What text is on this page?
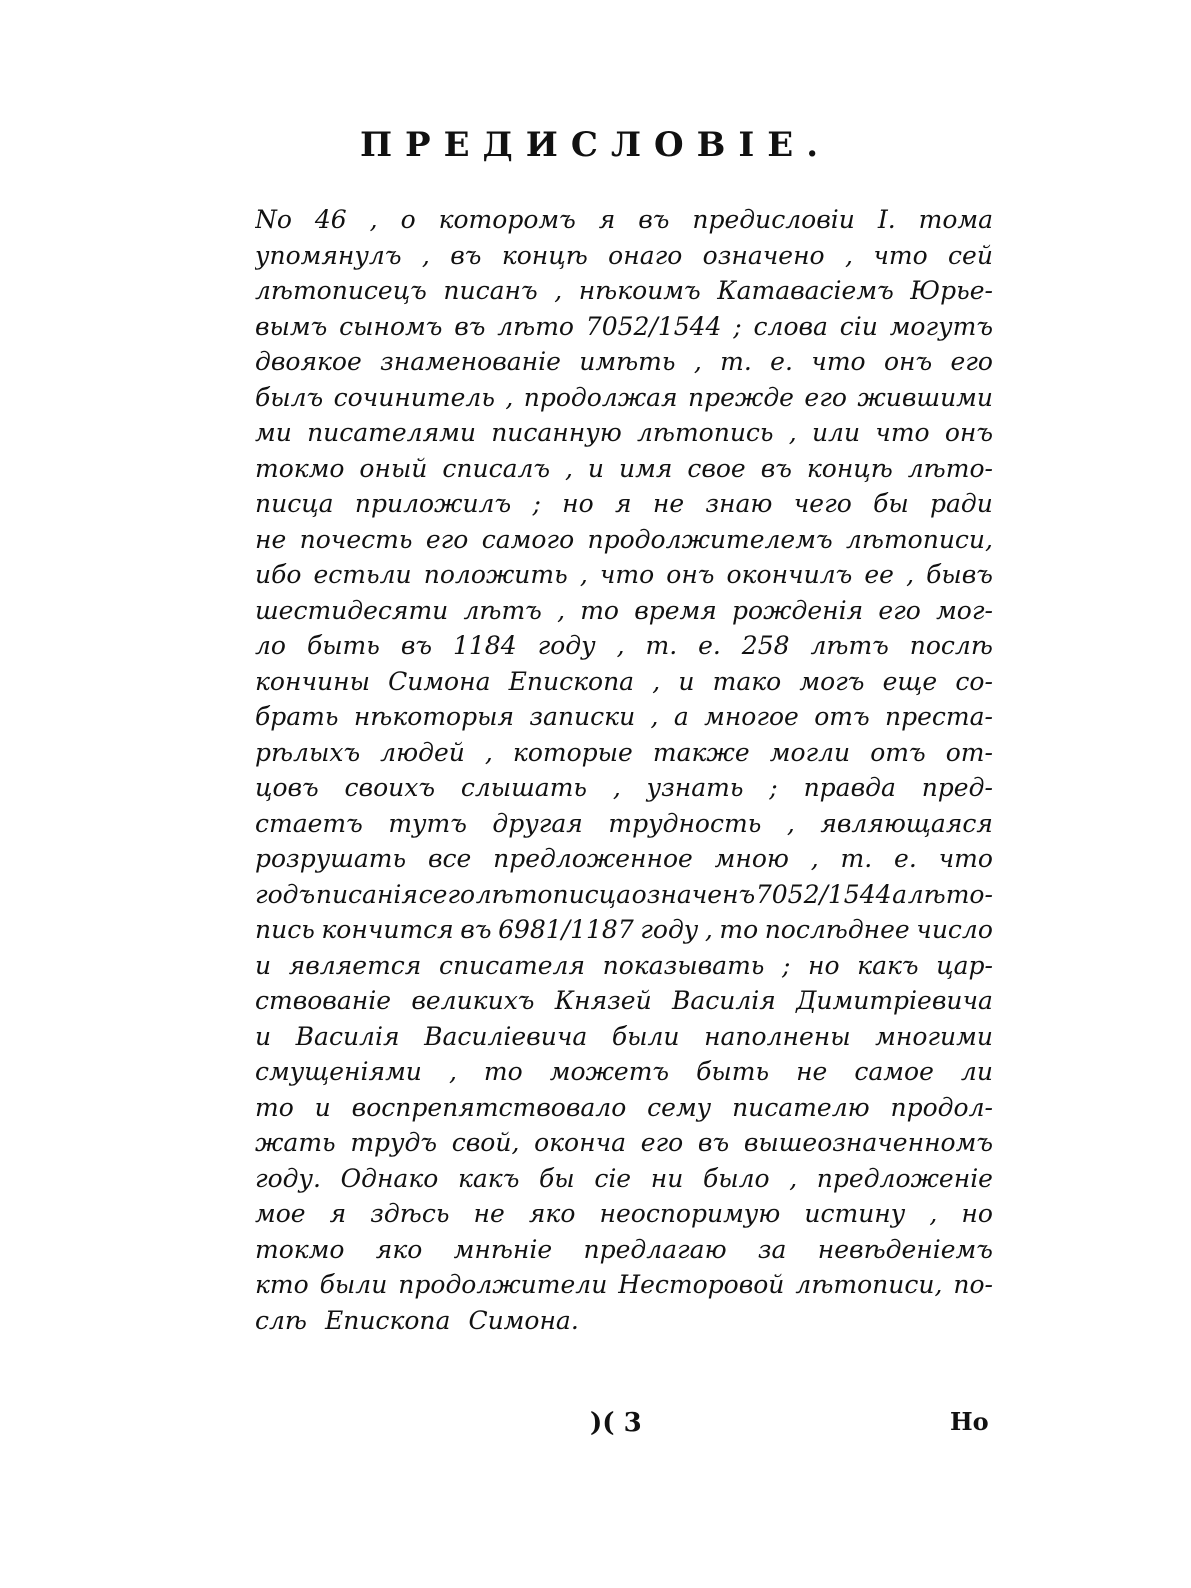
ПРЕДИСЛОВIЕ.
No 46 , о которомъ я въ предисловiи I. тома
упомянулъ , въ концѣ онаго означено , что сей
лѣтописецъ писанъ , нѣкоимъ Катавасiемъ Юрье-
вымъ сыномъ въ лѣто 7052/1544 ; слова сiи могутъ
двоякое знаменованiе имѣть , т. е. что онъ его
былъ сочинитель , продолжая прежде его жившими
ми писателями писанную лѣтопись , или что онъ
токмо оный списалъ , и имя свое въ концѣ лѣто-
писца приложилъ ; но я не знаю чего бы ради
не почесть его самого продолжителемъ лѣтописи,
ибо естьли положить , что онъ окончилъ ее , бывъ
шестидесяти лѣтъ , то время рожденiя его мог-
ло быть въ 1184 году , т. е. 258 лѣтъ послѣ
кончины Симона Епископа , и тако могъ еще со-
брать нѣкоторыя записки , а многое отъ преста-
рѣлыхъ людей , которые также могли отъ от-
цовъ своихъ слышать , узнать ; правда пред-
стаетъ тутъ другая трудность , являющаяся
розрушать все предложенное мною , т. е. что
годъ писанiя сего лѣтописца означенъ 7052/1544 а лѣто-
пись кончится въ 6981/1187 году , то послѣднее число
и является списателя показывать ; но какъ цар-
ствованiе великихъ Князей Василiя Димитрiевича
и Василiя Василiевича были наполнены многими
смущенiями , то можетъ быть не самое ли
то и воспрепятствовало сему писателю продол-
жать трудъ свой, оконча его въ вышеозначенномъ
году. Однако какъ бы сiе ни было , предложенiе
мое я здѣсь не яко неоспоримую истину , но
токмо яко мнѣнiе предлагаю за невѣденiемъ
кто были продолжители Несторовой лѣтописи, по-
слѣ Епископа Симона.
)( 3	Но
